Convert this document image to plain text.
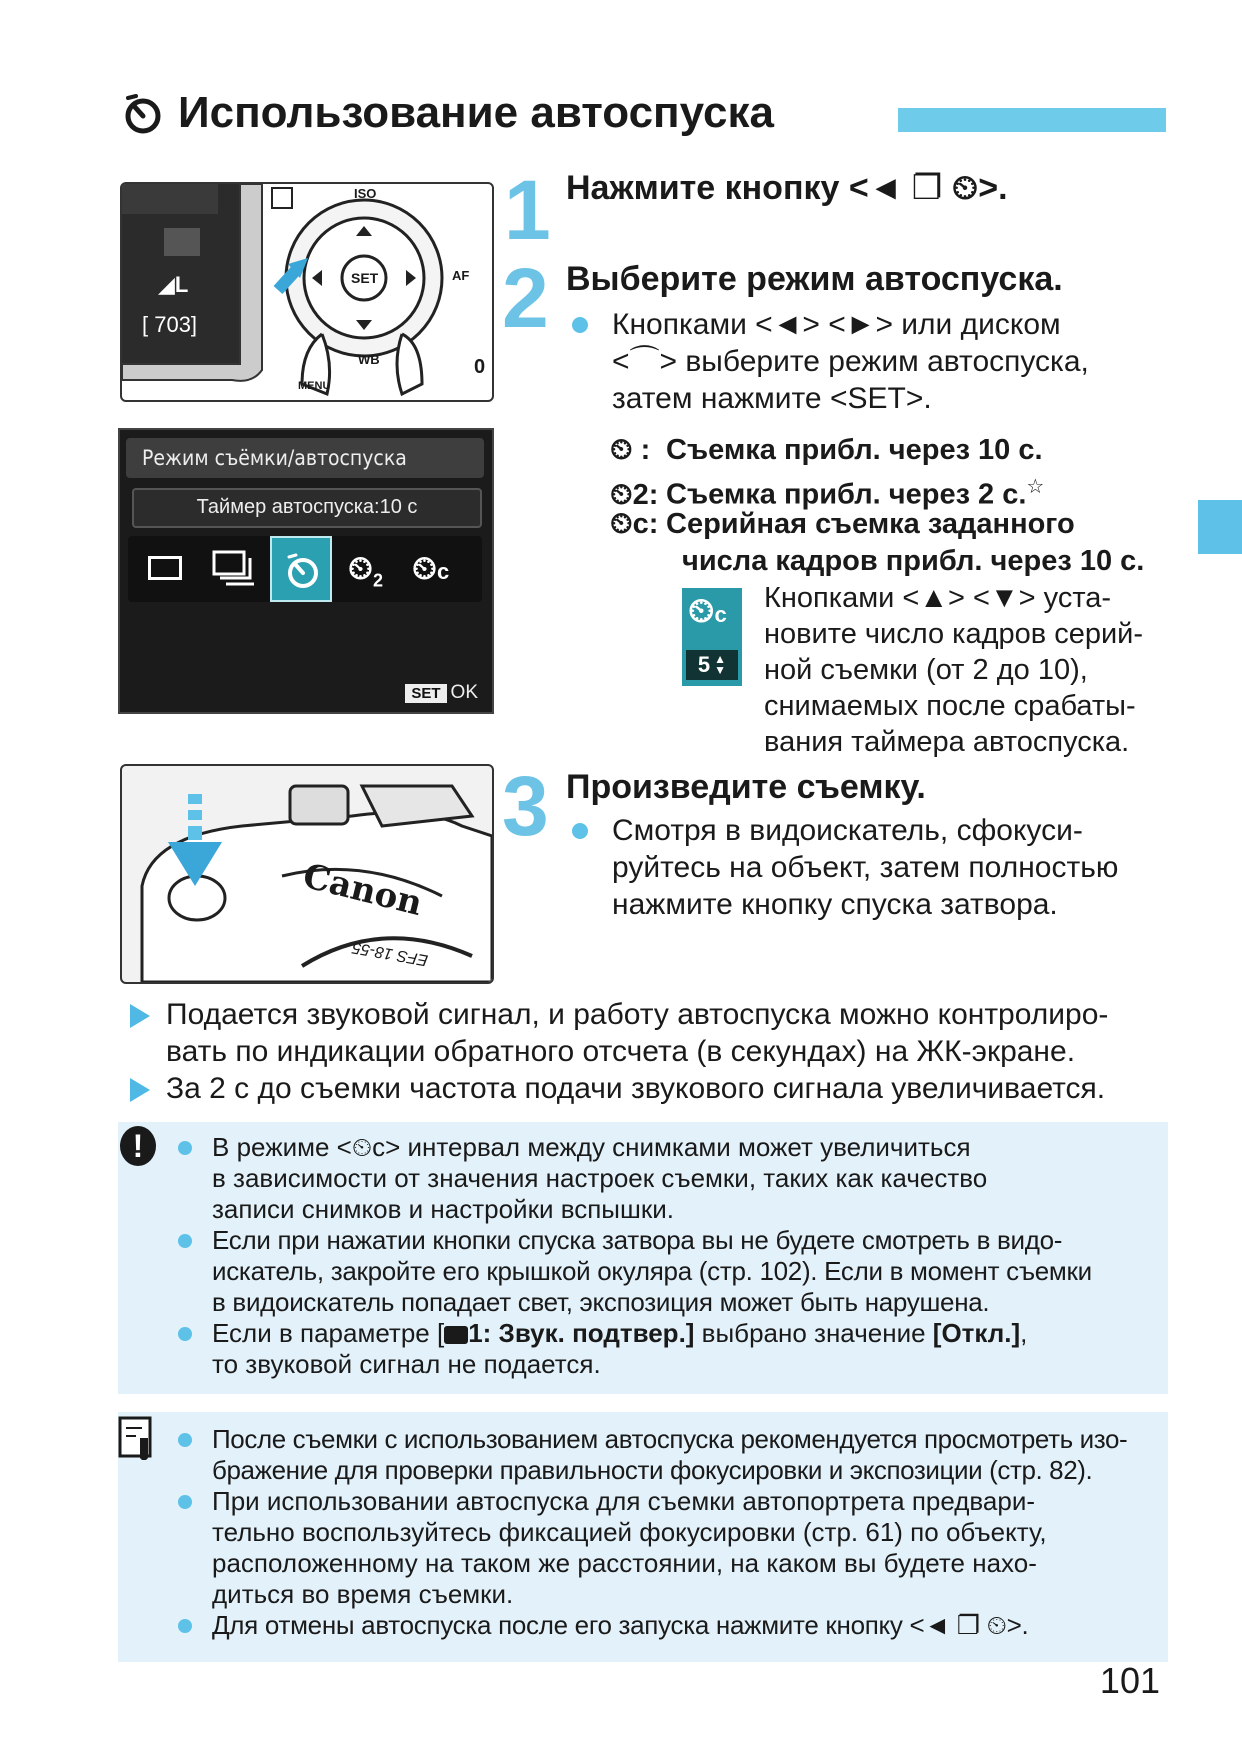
Использование автоспуска
ISO
AF
WB
MENU
SET
0
◢L
[ 703]
Режим съёмки/автоспуска
Таймер автоспуска:10 с
$⏲_2$ ⏲c
SET OK
Canon
EFS 18-55
1 Нажмите кнопку <◄ ❐ ⏲>.
2 Выберите режим автоспуска.
Кнопками <◄> <►> или диском
<⌒> выберите режим автоспуска,
затем нажмите <SET>.
⏲ : Съемка прибл. через 10 с.
⏲2: Съемка прибл. через 2 с.☆
⏲c: Серийная съемка заданного
числа кадров прибл. через 10 с.
⏲c
5 ▲
▼
Кнопками <▲> <▼> уста-
новите число кадров серий-
ной съемки (от 2 до 10),
снимаемых после срабаты-
вания таймера автоспуска.
3 Произведите съемку.
Смотря в видоискатель, сфокуси-
руйтесь на объект, затем полностью
нажмите кнопку спуска затвора.
Подается звуковой сигнал, и работу автоспуска можно контролиро-
вать по индикации обратного отсчета (в секундах) на ЖК-экране.
За 2 с до съемки частота подачи звукового сигнала увеличивается.
!	В режиме <⏲c> интервал между снимками может увеличиться
в зависимости от значения настроек съемки, таких как качество
записи снимков и настройки вспышки.
Если при нажатии кнопки спуска затвора вы не будете смотреть в видо-
искатель, закройте его крышкой окуляра (стр. 102). Если в момент съемки
в видоискатель попадает свет, экспозиция может быть нарушена.
Если в параметре [ 1: Звук. подтвер.] выбрано значение [Откл.],
то звуковой сигнал не подается.
После съемки с использованием автоспуска рекомендуется просмотреть изо-
бражение для проверки правильности фокусировки и экспозиции (стр. 82).
При использовании автоспуска для съемки автопортрета предвари-
тельно воспользуйтесь фиксацией фокусировки (стр. 61) по объекту,
расположенному на таком же расстоянии, на каком вы будете нахо-
диться во время съемки.
Для отмены автоспуска после его запуска нажмите кнопку <◄ ❐ ⏲>.
101
